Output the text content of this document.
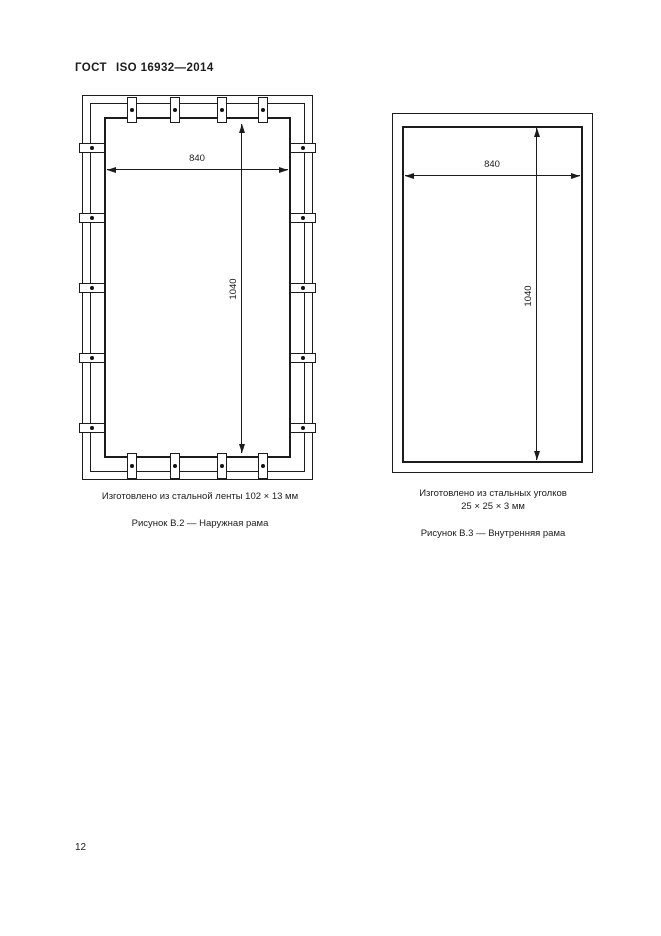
ГОСТ ISO 16932—2014
840
1040
Изготовлено из стальной ленты 102 × 13 мм
Рисунок В.2 — Наружная рама
840
1040
Изготовлено из стальных уголков
25 × 25 × 3 мм
Рисунок В.3 — Внутренняя рама
12
